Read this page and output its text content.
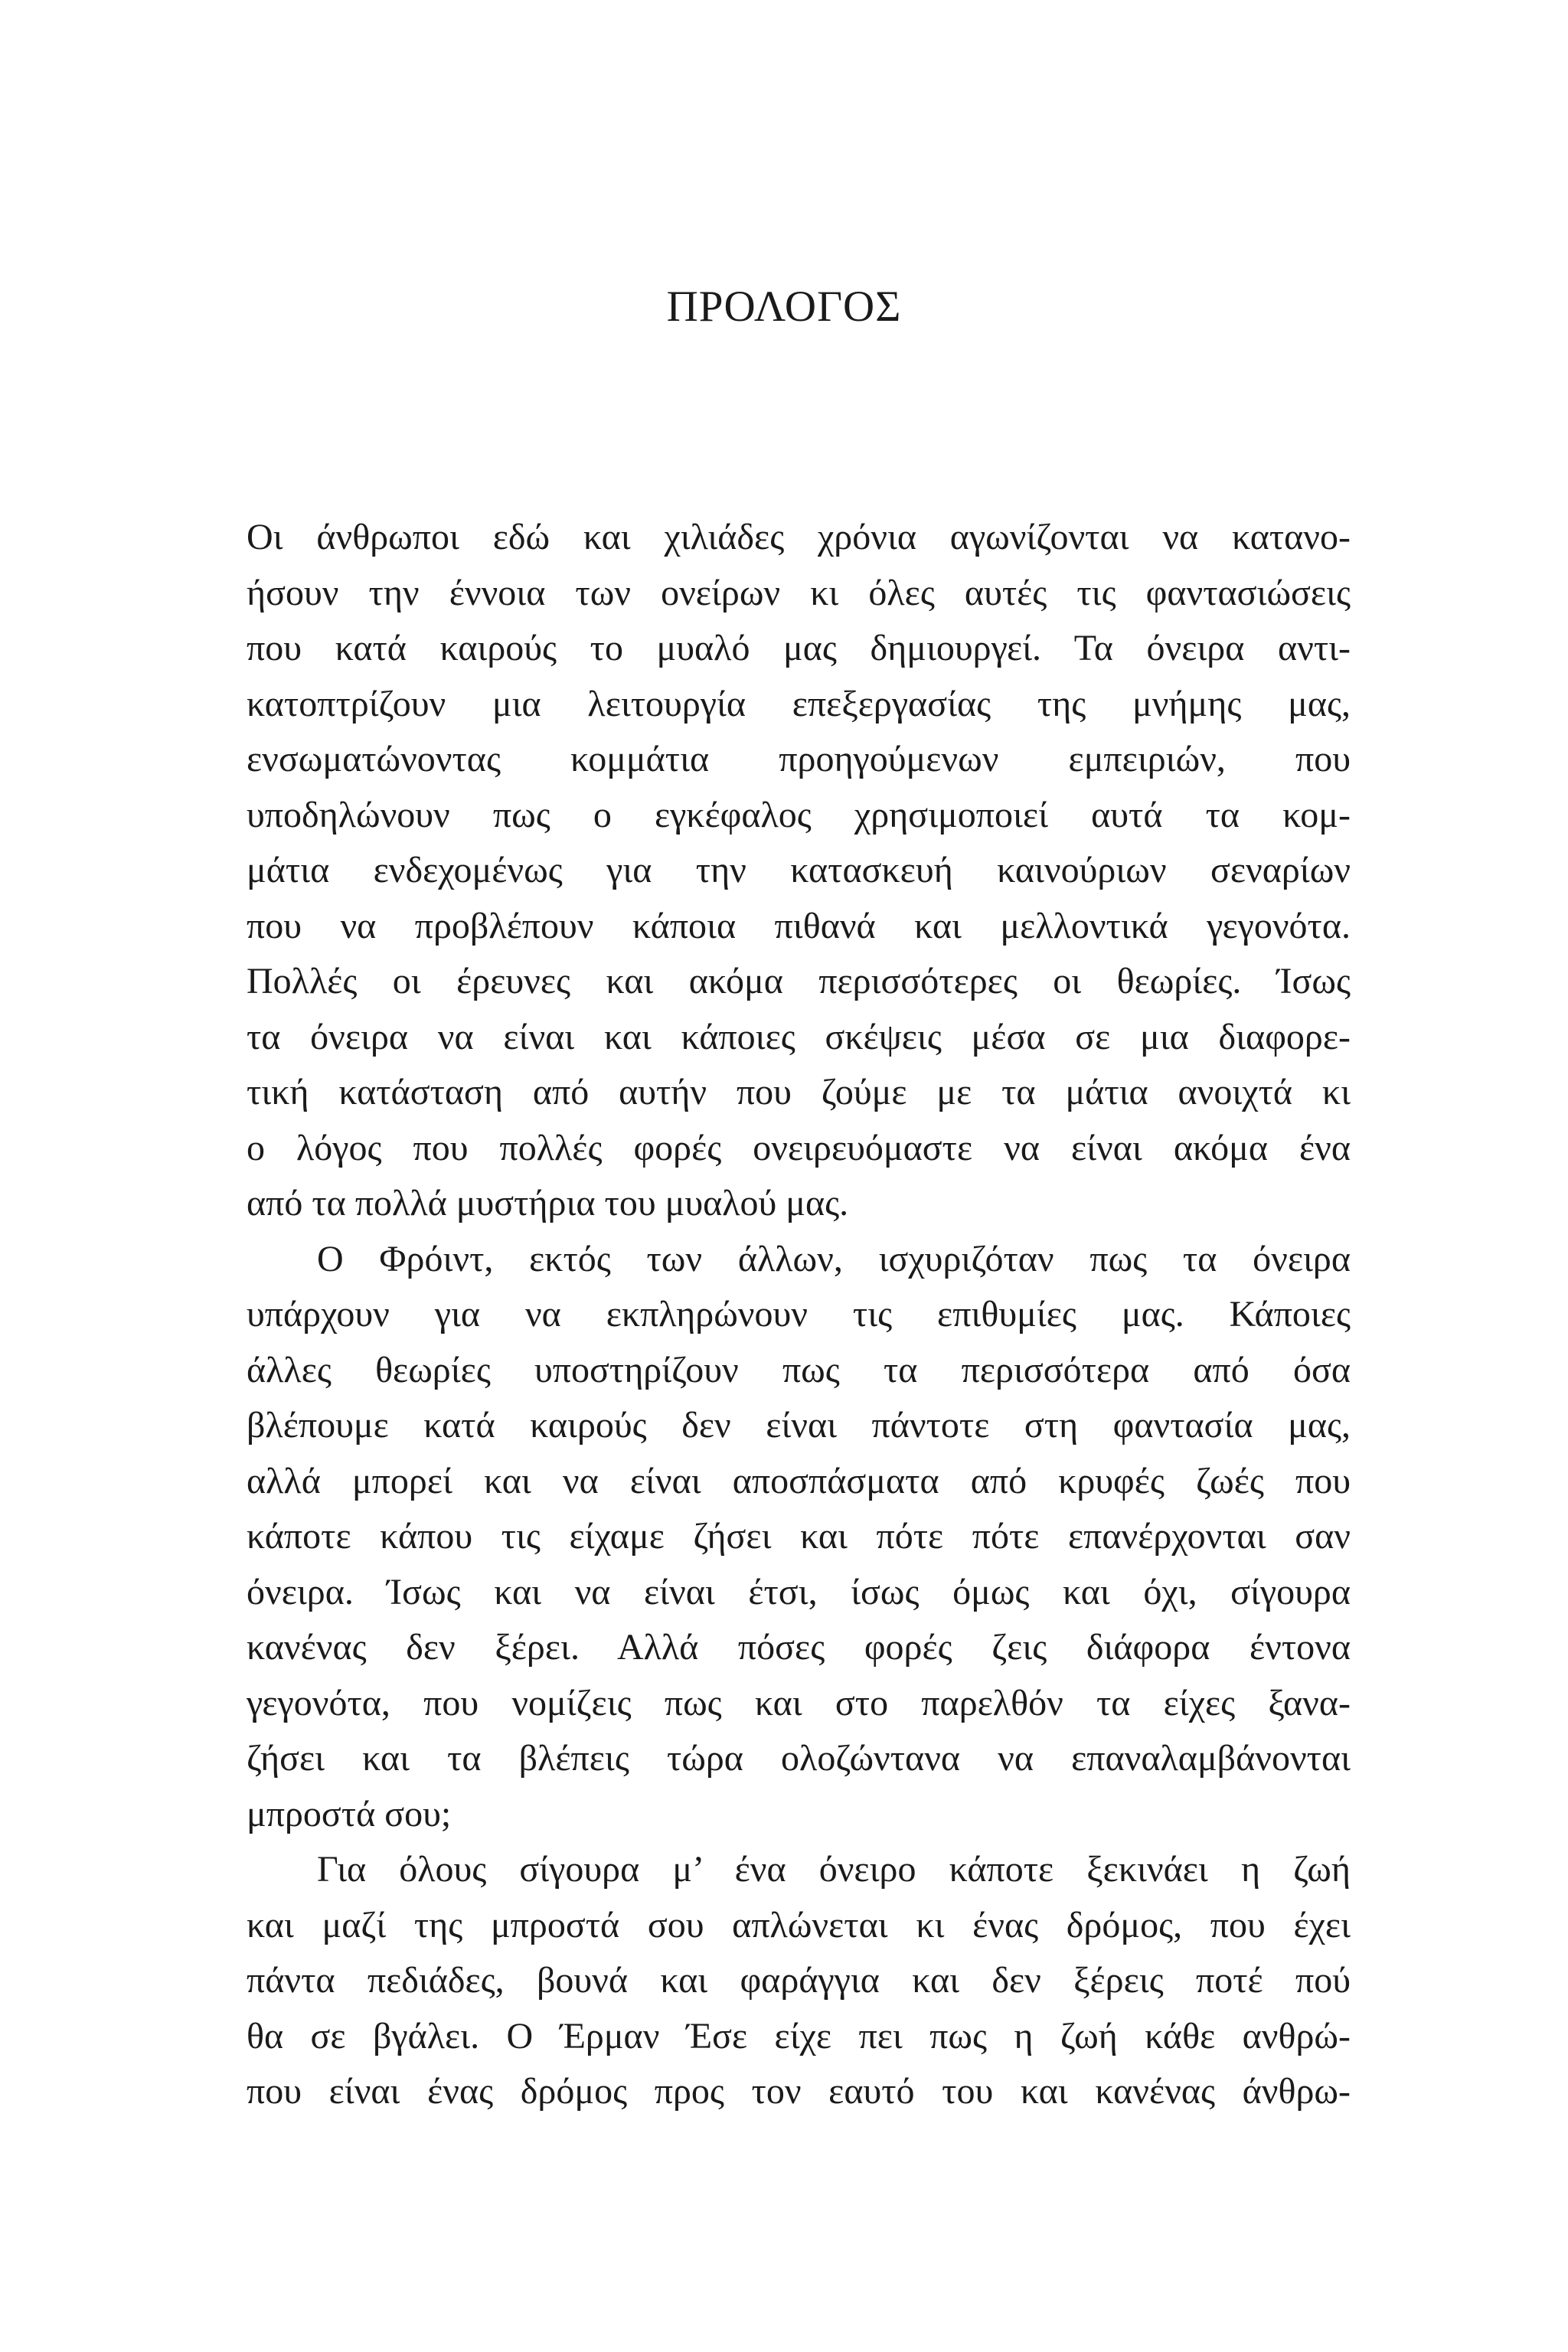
ΠΡΟΛΟΓΟΣ
Οι άνθρωποι εδώ και χιλιάδες χρόνια αγωνίζονται να κατανο-
ήσουν την έννοια των ονείρων κι όλες αυτές τις φαντασιώσεις
που κατά καιρούς το μυαλό μας δημιουργεί. Τα όνειρα αντι-
κατοπτρίζουν μια λειτουργία επεξεργασίας της μνήμης μας,
ενσωματώνοντας κομμάτια προηγούμενων εμπειριών, που
υποδηλώνουν πως ο εγκέφαλος χρησιμοποιεί αυτά τα κομ-
μάτια ενδεχομένως για την κατασκευή καινούριων σεναρίων
που να προβλέπουν κάποια πιθανά και μελλοντικά γεγονότα.
Πολλές οι έρευνες και ακόμα περισσότερες οι θεωρίες. Ίσως
τα όνειρα να είναι και κάποιες σκέψεις μέσα σε μια διαφορε-
τική κατάσταση από αυτήν που ζούμε με τα μάτια ανοιχτά κι
ο λόγος που πολλές φορές ονειρευόμαστε να είναι ακόμα ένα
από τα πολλά μυστήρια του μυαλού μας.
Ο Φρόιντ, εκτός των άλλων, ισχυριζόταν πως τα όνειρα
υπάρχουν για να εκπληρώνουν τις επιθυμίες μας. Κάποιες
άλλες θεωρίες υποστηρίζουν πως τα περισσότερα από όσα
βλέπουμε κατά καιρούς δεν είναι πάντοτε στη φαντασία μας,
αλλά μπορεί και να είναι αποσπάσματα από κρυφές ζωές που
κάποτε κάπου τις είχαμε ζήσει και πότε πότε επανέρχονται σαν
όνειρα. Ίσως και να είναι έτσι, ίσως όμως και όχι, σίγουρα
κανένας δεν ξέρει. Αλλά πόσες φορές ζεις διάφορα έντονα
γεγονότα, που νομίζεις πως και στο παρελθόν τα είχες ξανα-
ζήσει και τα βλέπεις τώρα ολοζώντανα να επαναλαμβάνονται
μπροστά σου;
Για όλους σίγουρα μ’ ένα όνειρο κάποτε ξεκινάει η ζωή
και μαζί της μπροστά σου απλώνεται κι ένας δρόμος, που έχει
πάντα πεδιάδες, βουνά και φαράγγια και δεν ξέρεις ποτέ πού
θα σε βγάλει. Ο Έρμαν Έσε είχε πει πως η ζωή κάθε ανθρώ-
που είναι ένας δρόμος προς τον εαυτό του και κανένας άνθρω-
